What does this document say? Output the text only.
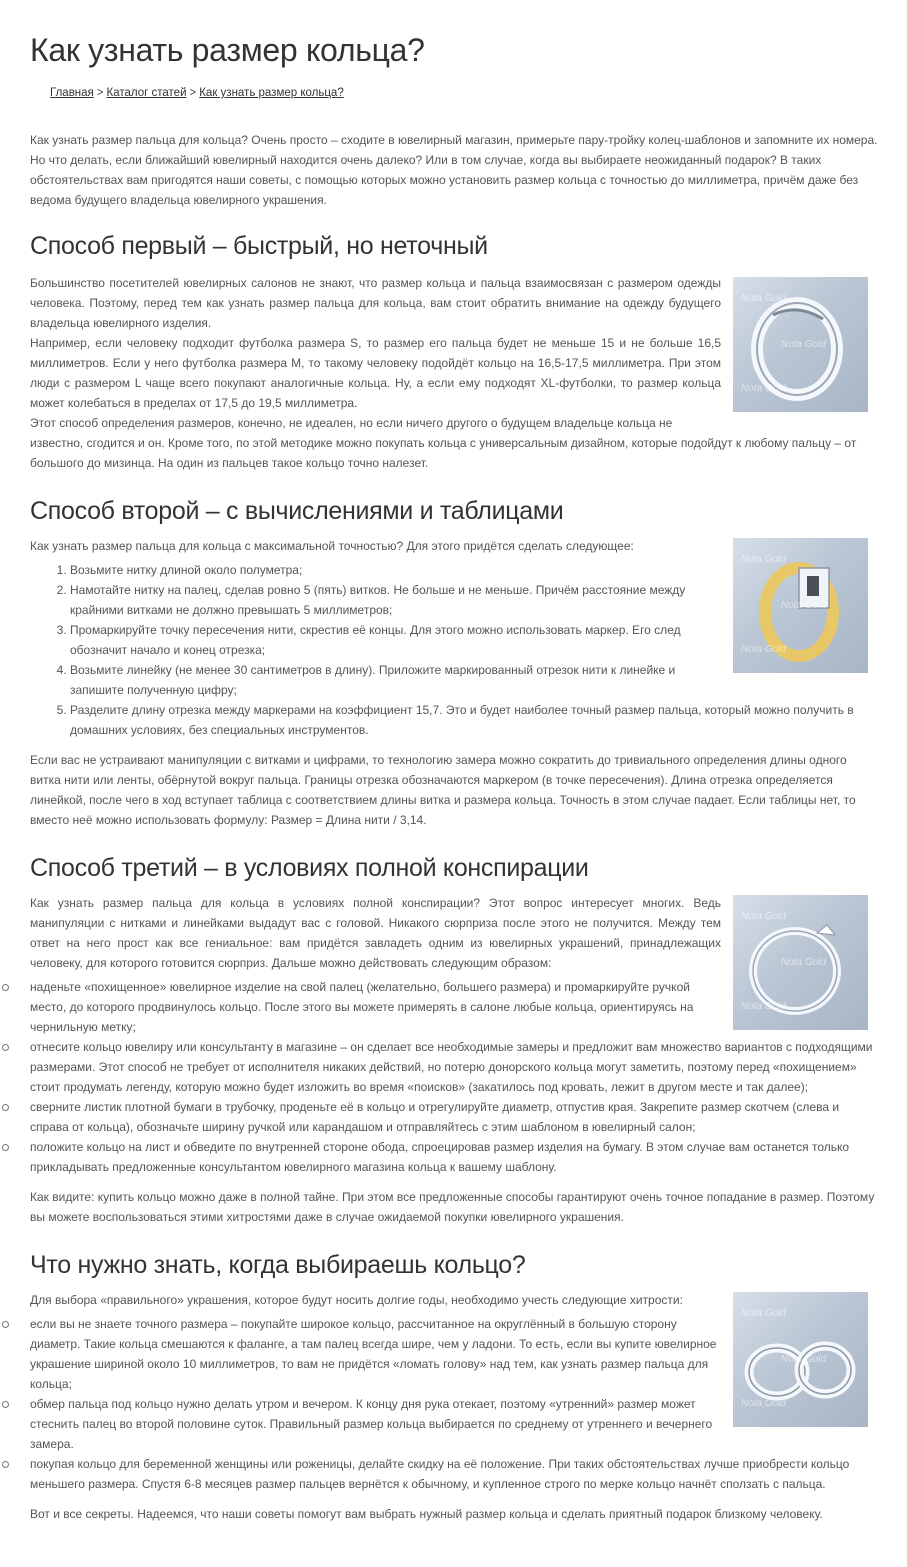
Как узнать размер кольца?
Главная > Каталог статей > Как узнать размер кольца?

Как узнать размер пальца для кольца? Очень просто – сходите в ювелирный магазин, примерьте пару-тройку колец-шаблонов и запомните их номера. Но что делать, если ближайший ювелирный находится очень далеко? Или в том случае, когда вы выбираете неожиданный подарок? В таких обстоятельствах вам пригодятся наши советы, с помощью которых можно установить размер кольца с точностью до миллиметра, причём даже без ведома будущего владельца ювелирного украшения.

Способ первый – быстрый, но неточный
Nota Gold
Nota Gold
Nota Gold

Большинство посетителей ювелирных салонов не знают, что размер кольца и пальца взаимосвязан с размером одежды человека. Поэтому, перед тем как узнать размер пальца для кольца, вам стоит обратить внимание на одежду будущего владельца ювелирного изделия.

Например, если человеку подходит футболка размера S, то размер его пальца будет не меньше 15 и не больше 16,5 миллиметров. Если у него футболка размера M, то такому человеку подойдёт кольцо на 16,5-17,5 миллиметра. При этом люди с размером L чаще всего покупают аналогичные кольца. Ну, а если ему подходят XL-футболки, то размер кольца может колебаться в пределах от 17,5 до 19,5 миллиметра.

Этот способ определения размеров, конечно, не идеален, но если ничего другого о будущем владельце кольца не известно, сгодится и он. Кроме того, по этой методике можно покупать кольца с универсальным дизайном, которые подойдут к любому пальцу – от большого до мизинца. На один из пальцев такое кольцо точно налезет.

Способ второй – с вычислениями и таблицами
Nota Gold
Nota Gold
Nota Gold

Как узнать размер пальца для кольца с максимальной точностью? Для этого придётся сделать следующее:

1. Возьмите нитку длиной около полуметра;
2. Намотайте нитку на палец, сделав ровно 5 (пять) витков. Не больше и не меньше. Причём расстояние между крайними витками не должно превышать 5 миллиметров;
3. Промаркируйте точку пересечения нити, скрестив её концы. Для этого можно использовать маркер. Его след обозначит начало и конец отрезка;
4. Возьмите линейку (не менее 30 сантиметров в длину). Приложите маркированный отрезок нити к линейке и запишите полученную цифру;
5. Разделите длину отрезка между маркерами на коэффициент 15,7. Это и будет наиболее точный размер пальца, который можно получить в домашних условиях, без специальных инструментов.

Если вас не устраивают манипуляции с витками и цифрами, то технологию замера можно сократить до тривиального определения длины одного витка нити или ленты, обёрнутой вокруг пальца. Границы отрезка обозначаются маркером (в точке пересечения). Длина отрезка определяется линейкой, после чего в ход вступает таблица с соответствием длины витка и размера кольца. Точность в этом случае падает. Если таблицы нет, то вместо неё можно использовать формулу: Размер = Длина нити / 3,14.

Способ третий – в условиях полной конспирации
Nota Gold
Nota Gold
Nota Gold

Как узнать размер пальца для кольца в условиях полной конспирации? Этот вопрос интересует многих. Ведь манипуляции с нитками и линейками выдадут вас с головой. Никакого сюрприза после этого не получится. Между тем ответ на него прост как все гениальное: вам придётся завладеть одним из ювелирных украшений, принадлежащих человеку, для которого готовится сюрприз. Дальше можно действовать следующим образом:

наденьте «похищенное» ювелирное изделие на свой палец (желательно, большего размера) и промаркируйте ручкой место, до которого продвинулось кольцо. После этого вы можете примерять в салоне любые кольца, ориентируясь на чернильную метку;
отнесите кольцо ювелиру или консультанту в магазине – он сделает все необходимые замеры и предложит вам множество вариантов с подходящими размерами. Этот способ не требует от исполнителя никаких действий, но потерю донорского кольца могут заметить, поэтому перед «похищением» стоит продумать легенду, которую можно будет изложить во время «поисков» (закатилось под кровать, лежит в другом месте и так далее);
сверните листик плотной бумаги в трубочку, проденьте её в кольцо и отрегулируйте диаметр, отпустив края. Закрепите размер скотчем (слева и справа от кольца), обозначьте ширину ручкой или карандашом и отправляйтесь с этим шаблоном в ювелирный салон;
положите кольцо на лист и обведите по внутренней стороне обода, спроецировав размер изделия на бумагу. В этом случае вам останется только прикладывать предложенные консультантом ювелирного магазина кольца к вашему шаблону.

Как видите: купить кольцо можно даже в полной тайне. При этом все предложенные способы гарантируют очень точное попадание в размер. Поэтому вы можете воспользоваться этими хитростями даже в случае ожидаемой покупки ювелирного украшения.

Что нужно знать, когда выбираешь кольцо?
Nota Gold
Nota Gold
Nota Gold

Для выбора «правильного» украшения, которое будут носить долгие годы, необходимо учесть следующие хитрости:

если вы не знаете точного размера – покупайте широкое кольцо, рассчитанное на округлённый в большую сторону диаметр. Такие кольца смешаются к фаланге, а там палец всегда шире, чем у ладони. То есть, если вы купите ювелирное украшение шириной около 10 миллиметров, то вам не придётся «ломать голову» над тем, как узнать размер пальца для кольца;
обмер пальца под кольцо нужно делать утром и вечером. К концу дня рука отекает, поэтому «утренний» размер может стеснить палец во второй половине суток. Правильный размер кольца выбирается по среднему от утреннего и вечернего замера.
покупая кольцо для беременной женщины или роженицы, делайте скидку на её положение. При таких обстоятельствах лучше приобрести кольцо меньшего размера. Спустя 6-8 месяцев размер пальцев вернётся к обычному, и купленное строго по мерке кольцо начнёт сползать с пальца.

Вот и все секреты. Надеемся, что наши советы помогут вам выбрать нужный размер кольца и сделать приятный подарок близкому человеку.
